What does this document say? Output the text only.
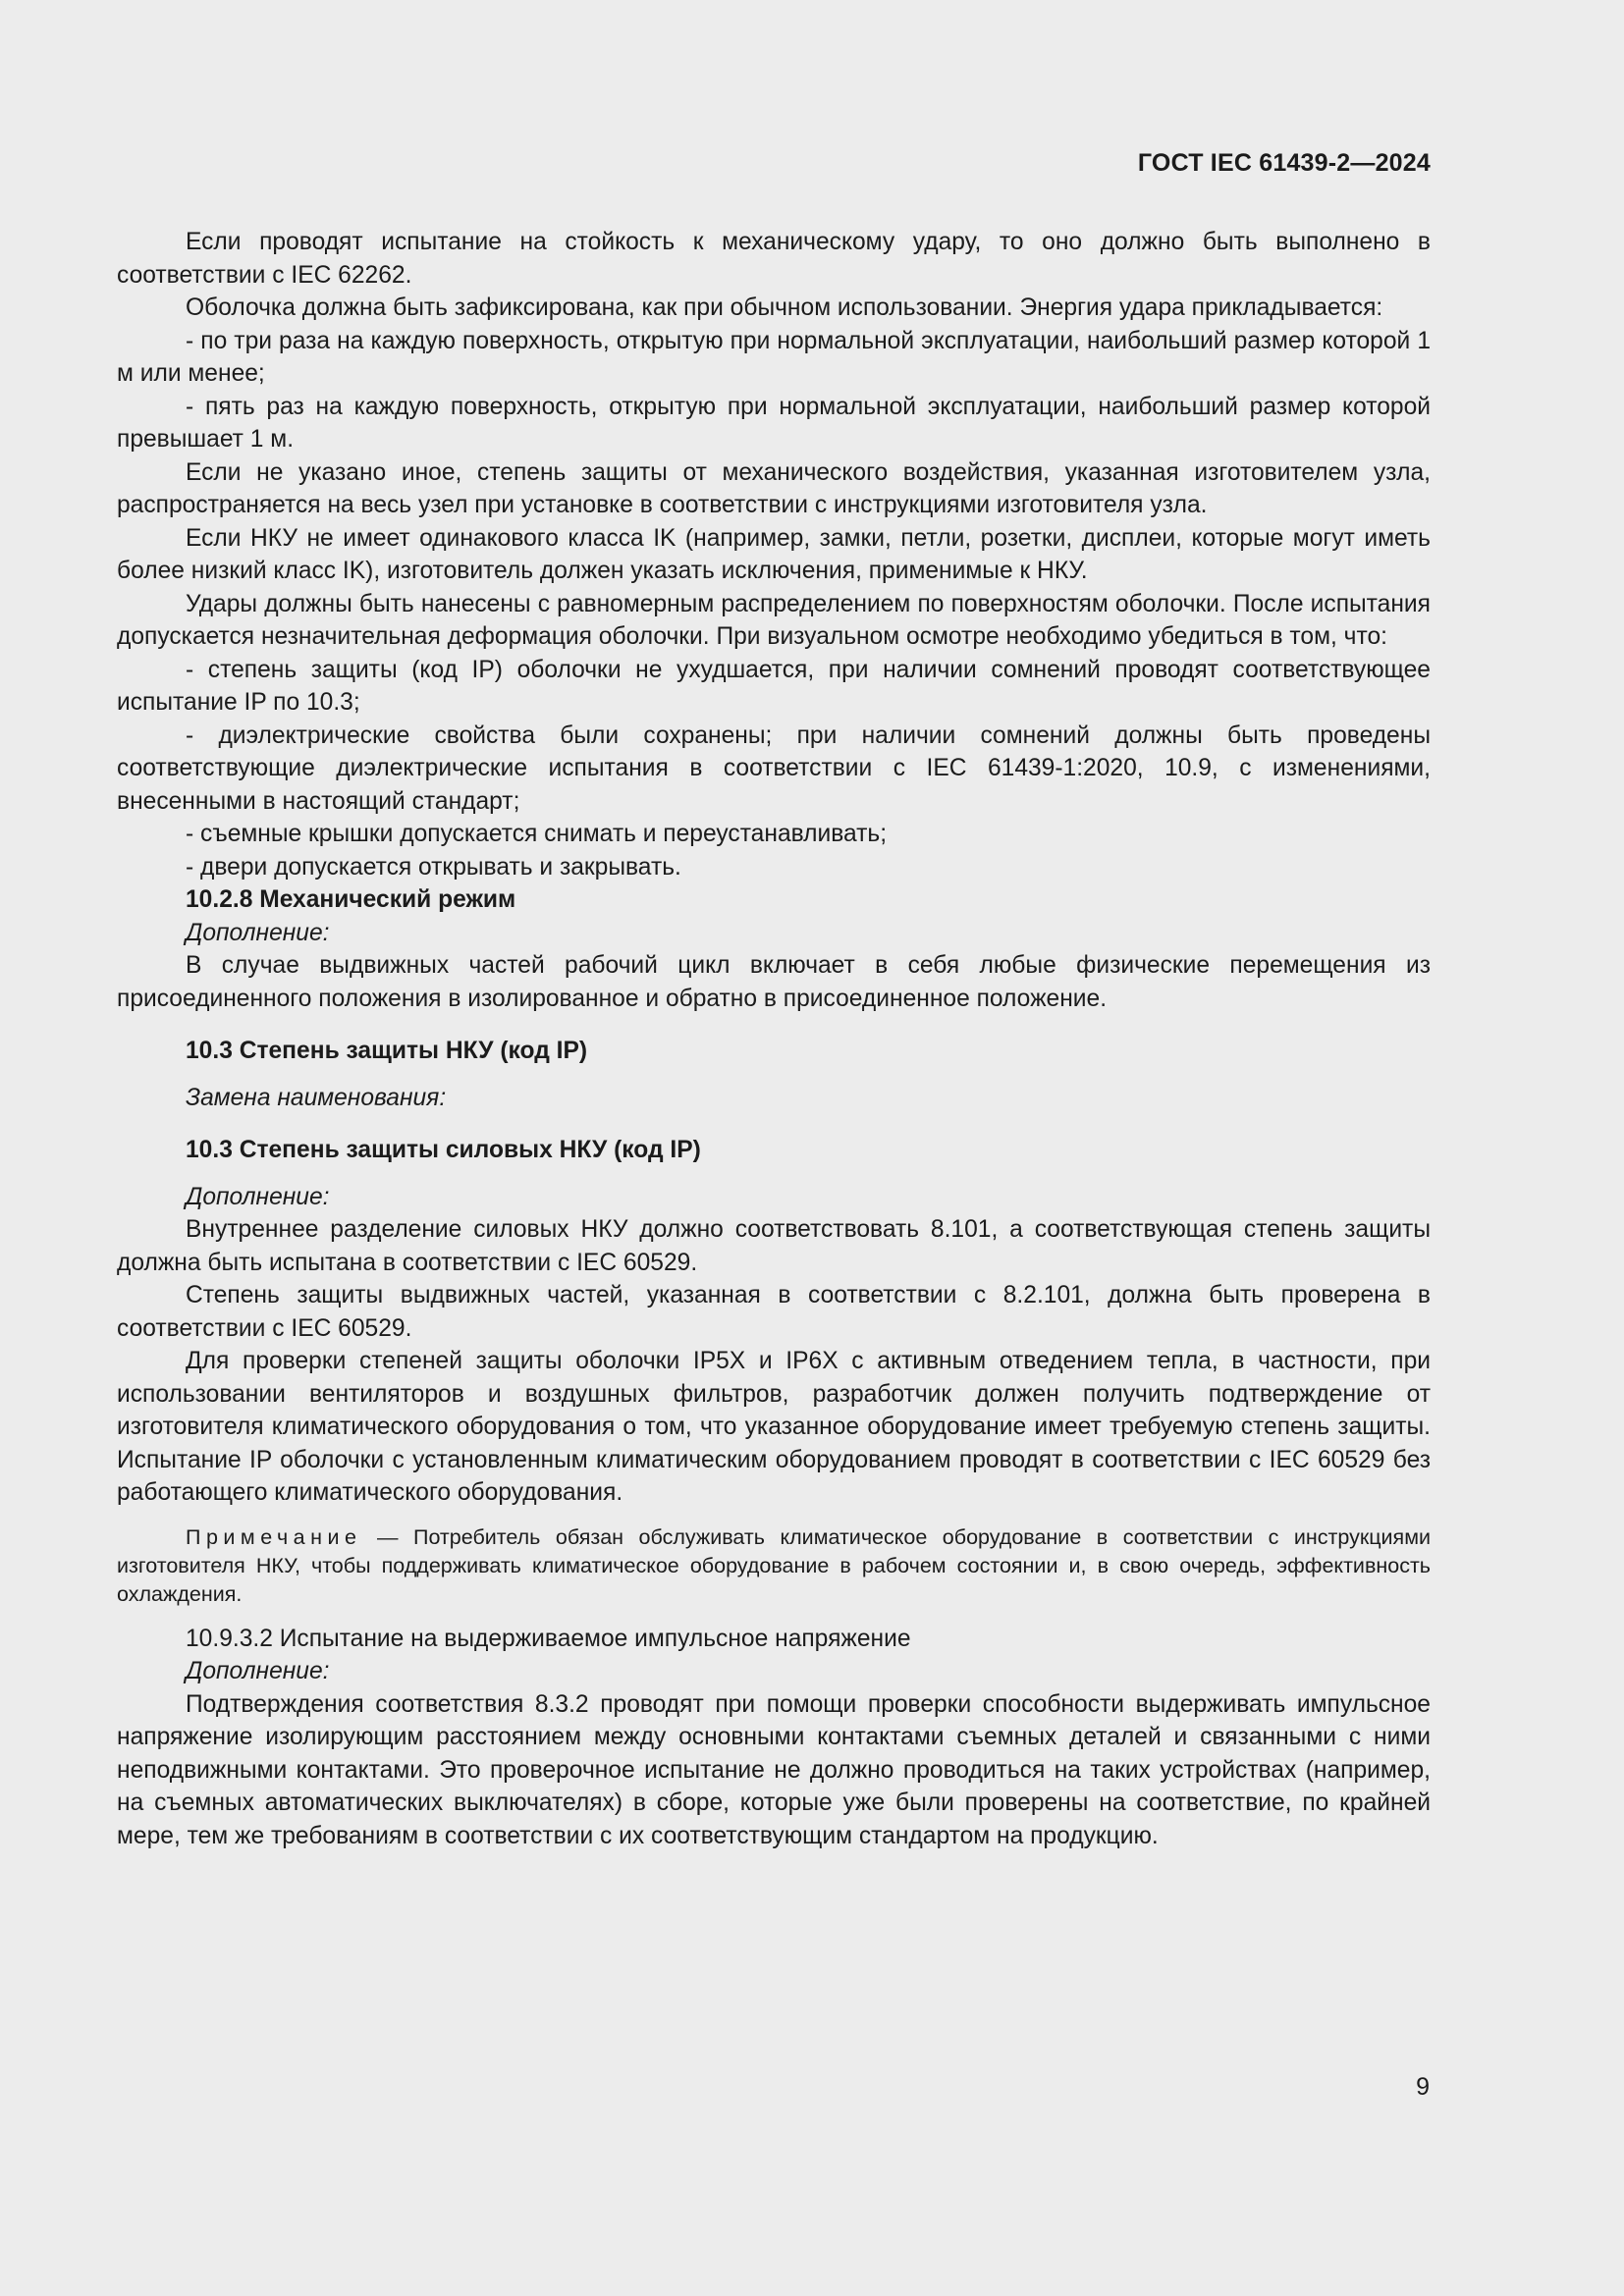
ГОСТ IEC 61439-2—2024

Если проводят испытание на стойкость к механическому удару, то оно должно быть выполнено в соответствии с IEC 62262.

Оболочка должна быть зафиксирована, как при обычном использовании. Энергия удара прикладывается:

- по три раза на каждую поверхность, открытую при нормальной эксплуатации, наибольший размер которой 1 м или менее;

- пять раз на каждую поверхность, открытую при нормальной эксплуатации, наибольший размер которой превышает 1 м.

Если не указано иное, степень защиты от механического воздействия, указанная изготовителем узла, распространяется на весь узел при установке в соответствии с инструкциями изготовителя узла.

Если НКУ не имеет одинакового класса IK (например, замки, петли, розетки, дисплеи, которые могут иметь более низкий класс IK), изготовитель должен указать исключения, применимые к НКУ.

Удары должны быть нанесены с равномерным распределением по поверхностям оболочки. После испытания допускается незначительная деформация оболочки. При визуальном осмотре необходимо убедиться в том, что:

- степень защиты (код IP) оболочки не ухудшается, при наличии сомнений проводят соответствующее испытание IP по 10.3;

- диэлектрические свойства были сохранены; при наличии сомнений должны быть проведены соответствующие диэлектрические испытания в соответствии с IEC 61439-1:2020, 10.9, с изменениями, внесенными в настоящий стандарт;

- съемные крышки допускается снимать и переустанавливать;

- двери допускается открывать и закрывать.

10.2.8 Механический режим

Дополнение:

В случае выдвижных частей рабочий цикл включает в себя любые физические перемещения из присоединенного положения в изолированное и обратно в присоединенное положение.

10.3 Степень защиты НКУ (код IP)

Замена наименования:

10.3 Степень защиты силовых НКУ (код IP)

Дополнение:

Внутреннее разделение силовых НКУ должно соответствовать 8.101, а соответствующая степень защиты должна быть испытана в соответствии с IEC 60529.

Степень защиты выдвижных частей, указанная в соответствии с 8.2.101, должна быть проверена в соответствии с IEC 60529.

Для проверки степеней защиты оболочки IP5X и IP6X с активным отведением тепла, в частности, при использовании вентиляторов и воздушных фильтров, разработчик должен получить подтверждение от изготовителя климатического оборудования о том, что указанное оборудование имеет требуемую степень защиты. Испытание IP оболочки с установленным климатическим оборудованием проводят в соответствии с IEC 60529 без работающего климатического оборудования.

Примечание — Потребитель обязан обслуживать климатическое оборудование в соответствии с инструкциями изготовителя НКУ, чтобы поддерживать климатическое оборудование в рабочем состоянии и, в свою очередь, эффективность охлаждения.

10.9.3.2 Испытание на выдерживаемое импульсное напряжение

Дополнение:

Подтверждения соответствия 8.3.2 проводят при помощи проверки способности выдерживать импульсное напряжение изолирующим расстоянием между основными контактами съемных деталей и связанными с ними неподвижными контактами. Это проверочное испытание не должно проводиться на таких устройствах (например, на съемных автоматических выключателях) в сборе, которые уже были проверены на соответствие, по крайней мере, тем же требованиям в соответствии с их соответствующим стандартом на продукцию.

9
